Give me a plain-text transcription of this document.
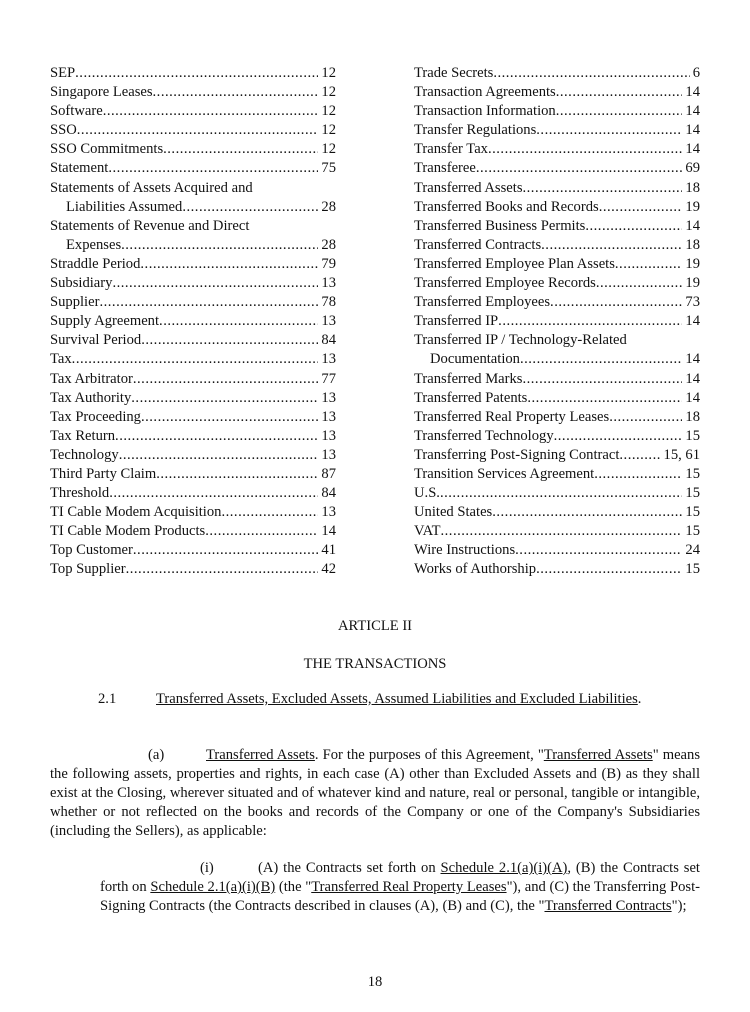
SEP .....	12
Singapore Leases .....	12
Software .....	12
SSO .....	12
SSO Commitments .....	12
Statement .....	75
Statements of Assets Acquired and
Liabilities Assumed .....	28
Statements of Revenue and Direct
Expenses .....	28
Straddle Period .....	79
Subsidiary .....	13
Supplier .....	78
Supply Agreement .....	13
Survival Period .....	84
Tax .....	13
Tax Arbitrator .....	77
Tax Authority .....	13
Tax Proceeding .....	13
Tax Return .....	13
Technology .....	13
Third Party Claim .....	87
Threshold .....	84
TI Cable Modem Acquisition .....	13
TI Cable Modem Products .....	14
Top Customer .....	41
Top Supplier .....	42
Trade Secrets .....	6
Transaction Agreements .....	14
Transaction Information .....	14
Transfer Regulations .....	14
Transfer Tax .....	14
Transferee .....	69
Transferred Assets .....	18
Transferred Books and Records .....	19
Transferred Business Permits .....	14
Transferred Contracts .....	18
Transferred Employee Plan Assets .....	19
Transferred Employee Records .....	19
Transferred Employees .....	73
Transferred IP .....	14
Transferred IP / Technology-Related
Documentation .....	14
Transferred Marks .....	14
Transferred Patents .....	14
Transferred Real Property Leases .....	18
Transferred Technology .....	15
Transferring Post-Signing Contract .....	15, 61
Transition Services Agreement .....	15
U.S. .....	15
United States .....	15
VAT .....	15
Wire Instructions .....	24
Works of Authorship .....	15
ARTICLE II
THE TRANSACTIONS
2.1	Transferred Assets, Excluded Assets, Assumed Liabilities and Excluded Liabilities.
(a)	Transferred Assets. For the purposes of this Agreement, "Transferred Assets" means the following assets, properties and rights, in each case (A) other than Excluded Assets and (B) as they shall exist at the Closing, wherever situated and of whatever kind and nature, real or personal, tangible or intangible, whether or not reflected on the books and records of the Company or one of the Company's Subsidiaries (including the Sellers), as applicable:
(i)	(A) the Contracts set forth on Schedule 2.1(a)(i)(A), (B) the Contracts set forth on Schedule 2.1(a)(i)(B) (the "Transferred Real Property Leases"), and (C) the Transferring Post-Signing Contracts (the Contracts described in clauses (A), (B) and (C), the "Transferred Contracts");
18
